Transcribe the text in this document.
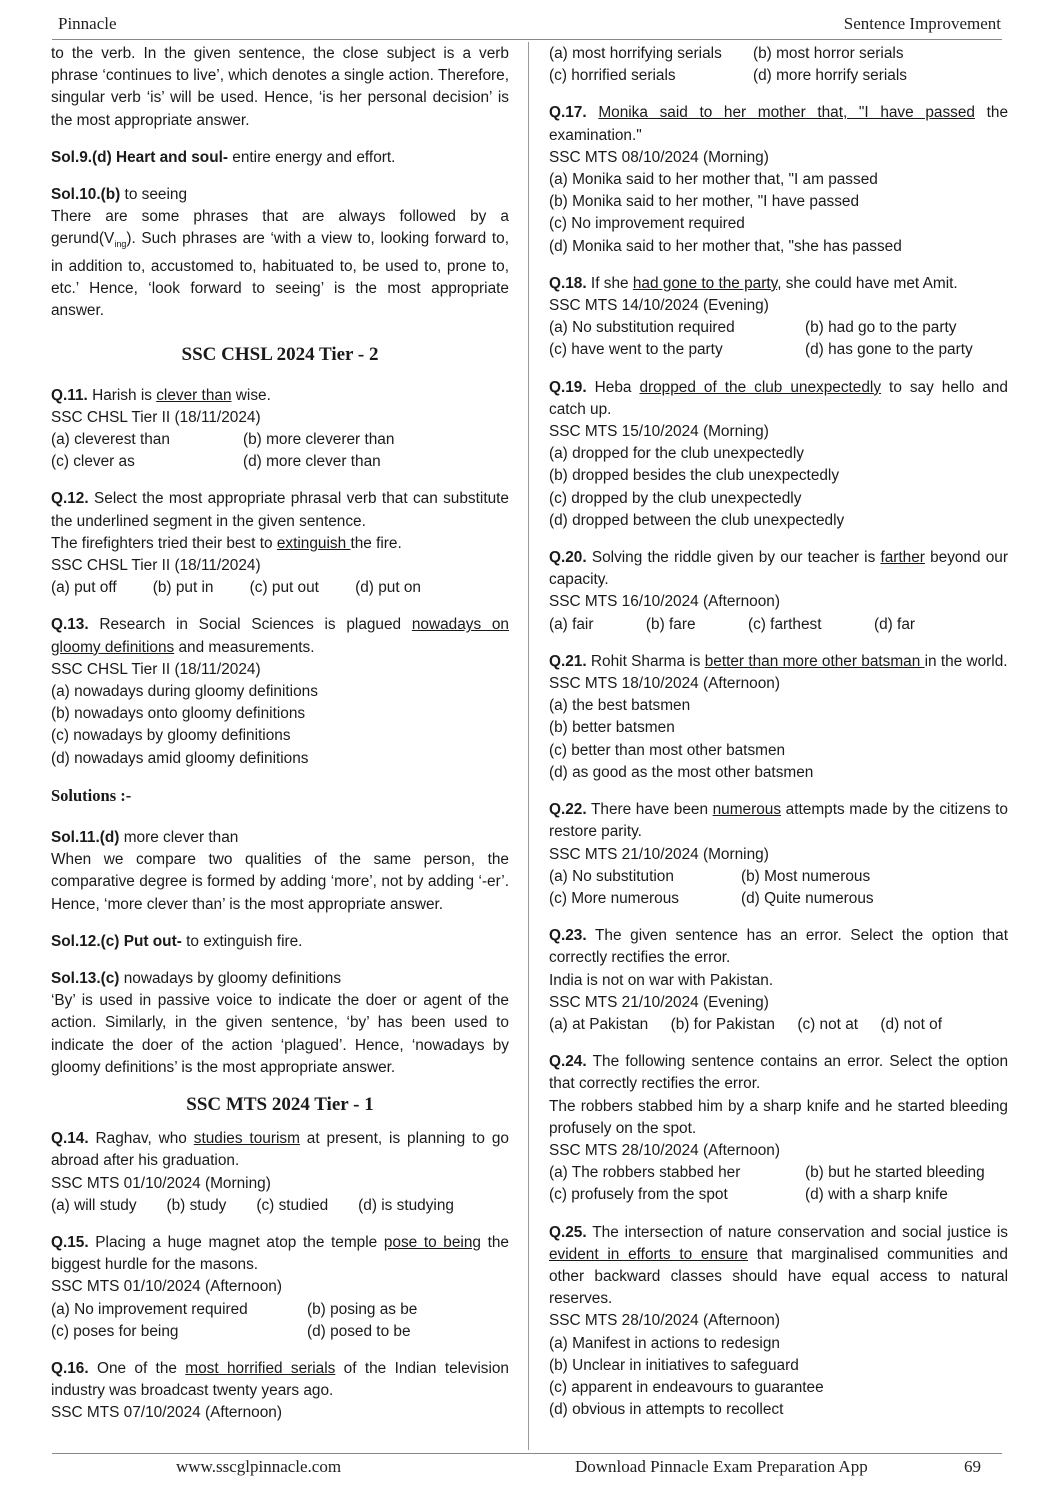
Pinnacle	Sentence Improvement
to the verb. In the given sentence, the close subject is a verb phrase ‘continues to live’, which denotes a single action. Therefore, singular verb ‘is’ will be used. Hence, ‘is her personal decision’ is the most appropriate answer.
Sol.9.(d) Heart and soul- entire energy and effort.
Sol.10.(b) to seeing
There are some phrases that are always followed by a $gerund(V_{ing})$. Such phrases are ‘with a view to, looking forward to, in addition to, accustomed to, habituated to, be used to, prone to, etc.’ Hence, ‘look forward to seeing’ is the most appropriate answer.
SSC CHSL 2024 Tier - 2
Q.11. Harish is clever than wise.
SSC CHSL Tier II (18/11/2024)
(a) cleverest than	(b) more cleverer than
(c) clever as	(d) more clever than
Q.12. Select the most appropriate phrasal verb that can substitute the underlined segment in the given sentence.
The firefighters tried their best to extinguish the fire.
SSC CHSL Tier II (18/11/2024)
(a) put off (b) put in (c) put out (d) put on
Q.13. Research in Social Sciences is plagued nowadays on gloomy definitions and measurements.
SSC CHSL Tier II (18/11/2024)
(a) nowadays during gloomy definitions
(b) nowadays onto gloomy definitions
(c) nowadays by gloomy definitions
(d) nowadays amid gloomy definitions
Solutions :-
Sol.11.(d) more clever than
When we compare two qualities of the same person, the comparative degree is formed by adding ‘more’, not by adding ‘-er’. Hence, ‘more clever than’ is the most appropriate answer.
Sol.12.(c) Put out- to extinguish fire.
Sol.13.(c) nowadays by gloomy definitions
‘By’ is used in passive voice to indicate the doer or agent of the action. Similarly, in the given sentence, ‘by’ has been used to indicate the doer of the action ‘plagued’. Hence, ‘nowadays by gloomy definitions’ is the most appropriate answer.
SSC MTS 2024 Tier - 1
Q.14. Raghav, who studies tourism at present, is planning to go abroad after his graduation.
SSC MTS 01/10/2024 (Morning)
(a) will study (b) study (c) studied (d) is studying
Q.15. Placing a huge magnet atop the temple pose to being the biggest hurdle for the masons.
SSC MTS 01/10/2024 (Afternoon)
(a) No improvement required	(b) posing as be
(c) poses for being	(d) posed to be
Q.16. One of the most horrified serials of the Indian television industry was broadcast twenty years ago.
SSC MTS 07/10/2024 (Afternoon)
(a) most horrifying serials	(b) most horror serials
(c) horrified serials	(d) more horrify serials
Q.17. Monika said to her mother that, "I have passed the examination."
SSC MTS 08/10/2024 (Morning)
(a) Monika said to her mother that, "I am passed
(b) Monika said to her mother, "I have passed
(c) No improvement required
(d) Monika said to her mother that, "she has passed
Q.18. If she had gone to the party, she could have met Amit.
SSC MTS 14/10/2024 (Evening)
(a) No substitution required	(b) had go to the party
(c) have went to the party	(d) has gone to the party
Q.19. Heba dropped of the club unexpectedly to say hello and catch up.
SSC MTS 15/10/2024 (Morning)
(a) dropped for the club unexpectedly
(b) dropped besides the club unexpectedly
(c) dropped by the club unexpectedly
(d) dropped between the club unexpectedly
Q.20. Solving the riddle given by our teacher is farther beyond our capacity.
SSC MTS 16/10/2024 (Afternoon)
(a) fair	(b) fare	(c) farthest	(d) far
Q.21. Rohit Sharma is better than more other batsman in the world.
SSC MTS 18/10/2024 (Afternoon)
(a) the best batsmen
(b) better batsmen
(c) better than most other batsmen
(d) as good as the most other batsmen
Q.22. There have been numerous attempts made by the citizens to restore parity.
SSC MTS 21/10/2024 (Morning)
(a) No substitution	(b) Most numerous
(c) More numerous	(d) Quite numerous
Q.23. The given sentence has an error. Select the option that correctly rectifies the error.
India is not on war with Pakistan.
SSC MTS 21/10/2024 (Evening)
(a) at Pakistan (b) for Pakistan (c) not at (d) not of
Q.24. The following sentence contains an error. Select the option that correctly rectifies the error.
The robbers stabbed him by a sharp knife and he started bleeding profusely on the spot.
SSC MTS 28/10/2024 (Afternoon)
(a) The robbers stabbed her	(b) but he started bleeding
(c) profusely from the spot	(d) with a sharp knife
Q.25. The intersection of nature conservation and social justice is evident in efforts to ensure that marginalised communities and other backward classes should have equal access to natural reserves.
SSC MTS 28/10/2024 (Afternoon)
(a) Manifest in actions to redesign
(b) Unclear in initiatives to safeguard
(c) apparent in endeavours to guarantee
(d) obvious in attempts to recollect
www.sscglpinnacle.com	Download Pinnacle Exam Preparation App	69
